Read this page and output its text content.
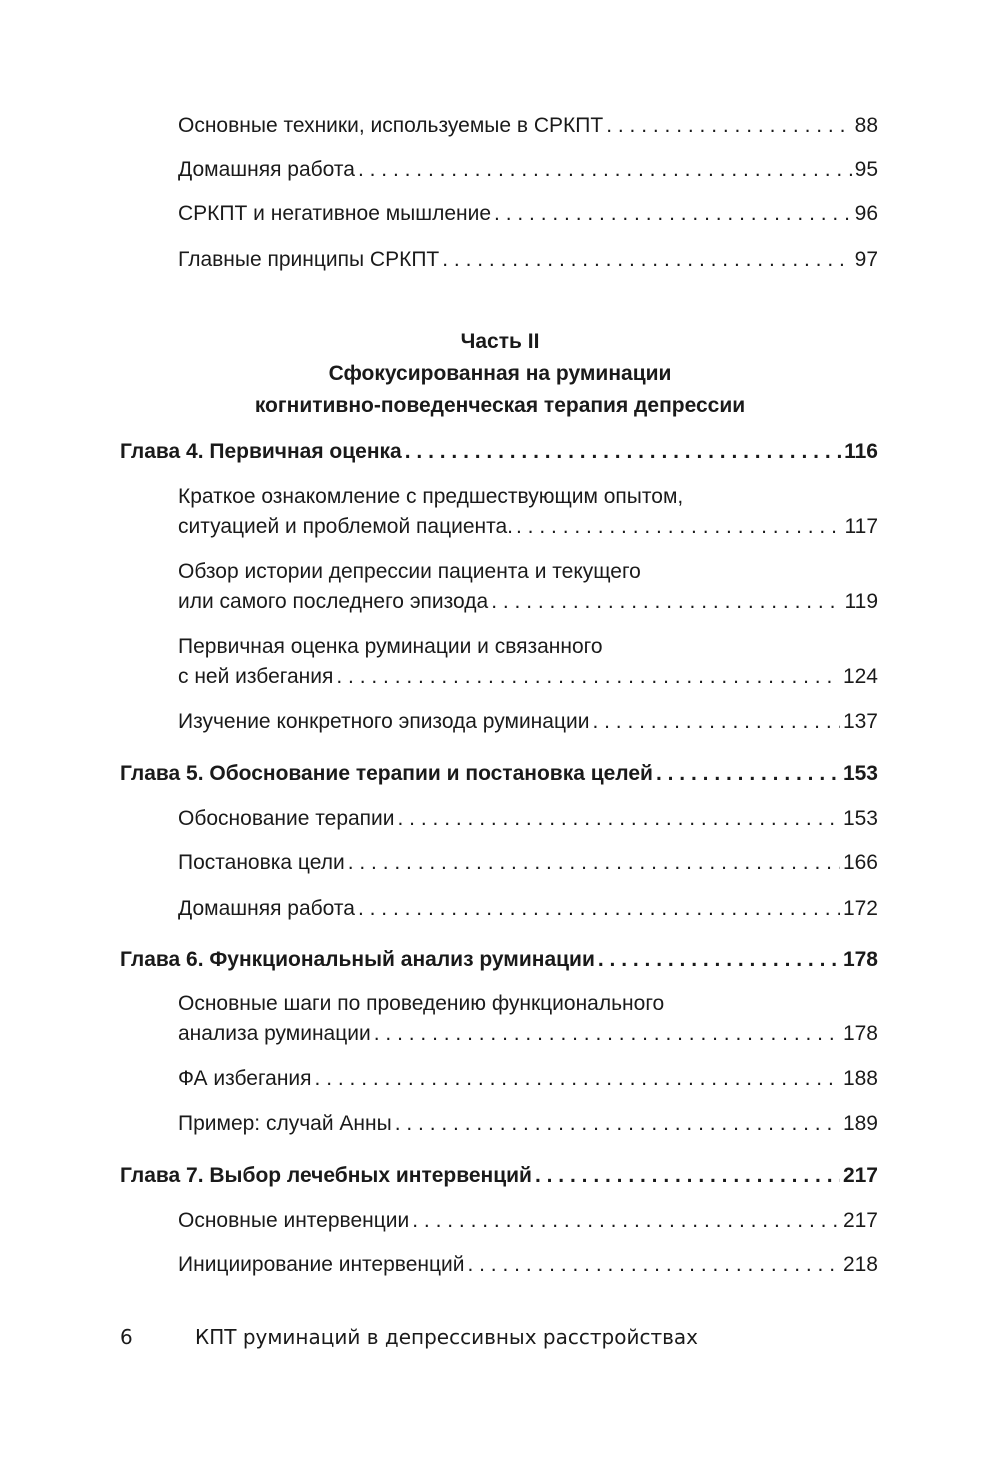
Основные техники, используемые в СРКПТ . . .	88
Домашняя работа . . .	95
СРКПТ и негативное мышление . . .	96
Главные принципы СРКПТ . . .	97
Часть II
Сфокусированная на руминации
когнитивно-поведенческая терапия депрессии
Глава 4. Первичная оценка . . .	116
Краткое ознакомление с предшествующим опытом,
ситуацией и проблемой пациента. . . .	117
Обзор истории депрессии пациента и текущего
или самого последнего эпизода . . .	119
Первичная оценка руминации и связанного
с ней избегания . . .	124
Изучение конкретного эпизода руминации . . .	137
Глава 5. Обоснование терапии и постановка целей . . .	153
Обоснование терапии . . .	153
Постановка цели . . .	166
Домашняя работа . . .	172
Глава 6. Функциональный анализ руминации . . .	178
Основные шаги по проведению функционального
анализа руминации . . .	178
ФА избегания . . .	188
Пример: случай Анны . . .	189
Глава 7. Выбор лечебных интервенций . . .	217
Основные интервенции . . .	217
Инициирование интервенций . . .	218
6	КПТ руминаций в депрессивных расстройствах
